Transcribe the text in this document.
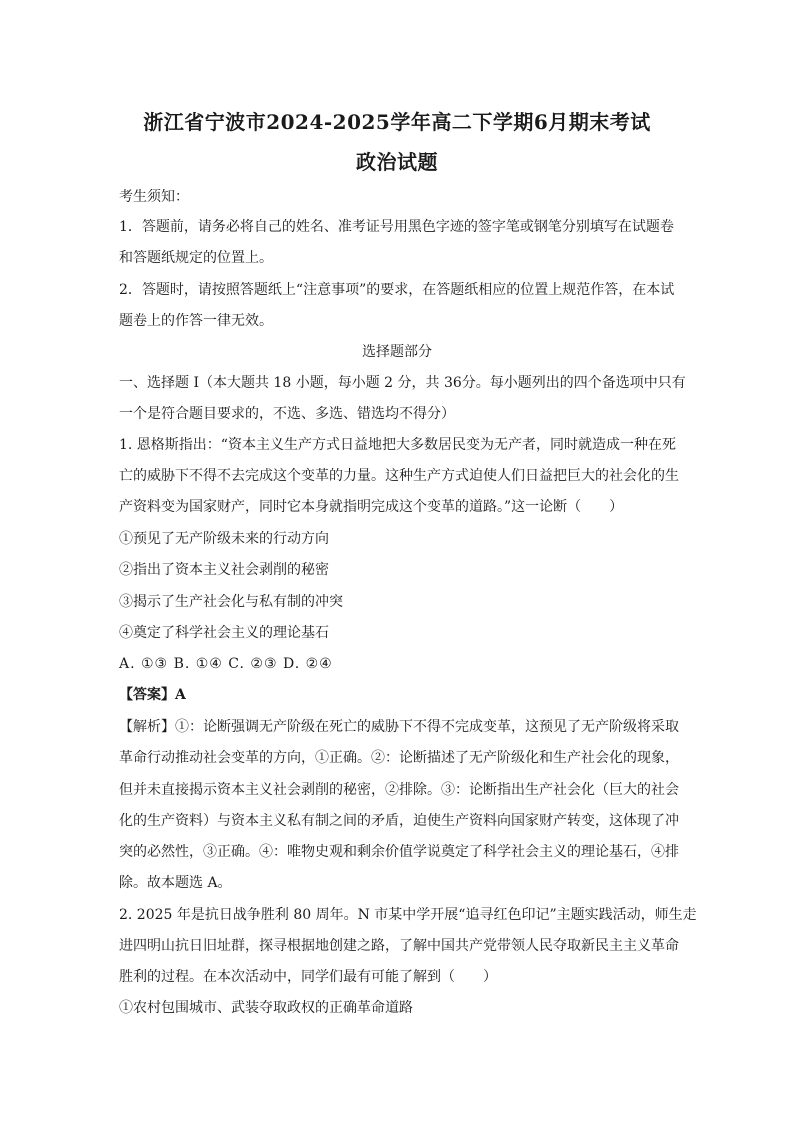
浙江省宁波市2024-2025学年高二下学期6月期末考试
政治试题
考生须知：
1．答题前，请务必将自己的姓名、准考证号用黑色字迹的签字笔或钢笔分别填写在试题卷
和答题纸规定的位置上。
2．答题时，请按照答题纸上“注意事项”的要求，在答题纸相应的位置上规范作答，在本试
题卷上的作答一律无效。
选择题部分
一、选择题 I（本大题共 18 小题，每小题 2 分，共 36分。每小题列出的四个备选项中只有
一个是符合题目要求的，不选、多选、错选均不得分）
1. 恩格斯指出：“资本主义生产方式日益地把大多数居民变为无产者，同时就造成一种在死
亡的威胁下不得不去完成这个变革的力量。这种生产方式迫使人们日益把巨大的社会化的生
产资料变为国家财产，同时它本身就指明完成这个变革的道路。”这一论断（　　）
①预见了无产阶级未来的行动方向
②指出了资本主义社会剥削的秘密
③揭示了生产社会化与私有制的冲突
④奠定了科学社会主义的理论基石
A. ①③ B. ①④ C. ②③ D. ②④
【答案】A
【解析】①：论断强调无产阶级在死亡的威胁下不得不完成变革，这预见了无产阶级将采取
革命行动推动社会变革的方向，①正确。②：论断描述了无产阶级化和生产社会化的现象，
但并未直接揭示资本主义社会剥削的秘密，②排除。③：论断指出生产社会化（巨大的社会
化的生产资料）与资本主义私有制之间的矛盾，迫使生产资料向国家财产转变，这体现了冲
突的必然性，③正确。④：唯物史观和剩余价值学说奠定了科学社会主义的理论基石，④排
除。故本题选 A。
2. 2025 年是抗日战争胜利 80 周年。N 市某中学开展“追寻红色印记”主题实践活动，师生走
进四明山抗日旧址群，探寻根据地创建之路，了解中国共产党带领人民夺取新民主主义革命
胜利的过程。在本次活动中，同学们最有可能了解到（　　）
①农村包围城市、武装夺取政权的正确革命道路
